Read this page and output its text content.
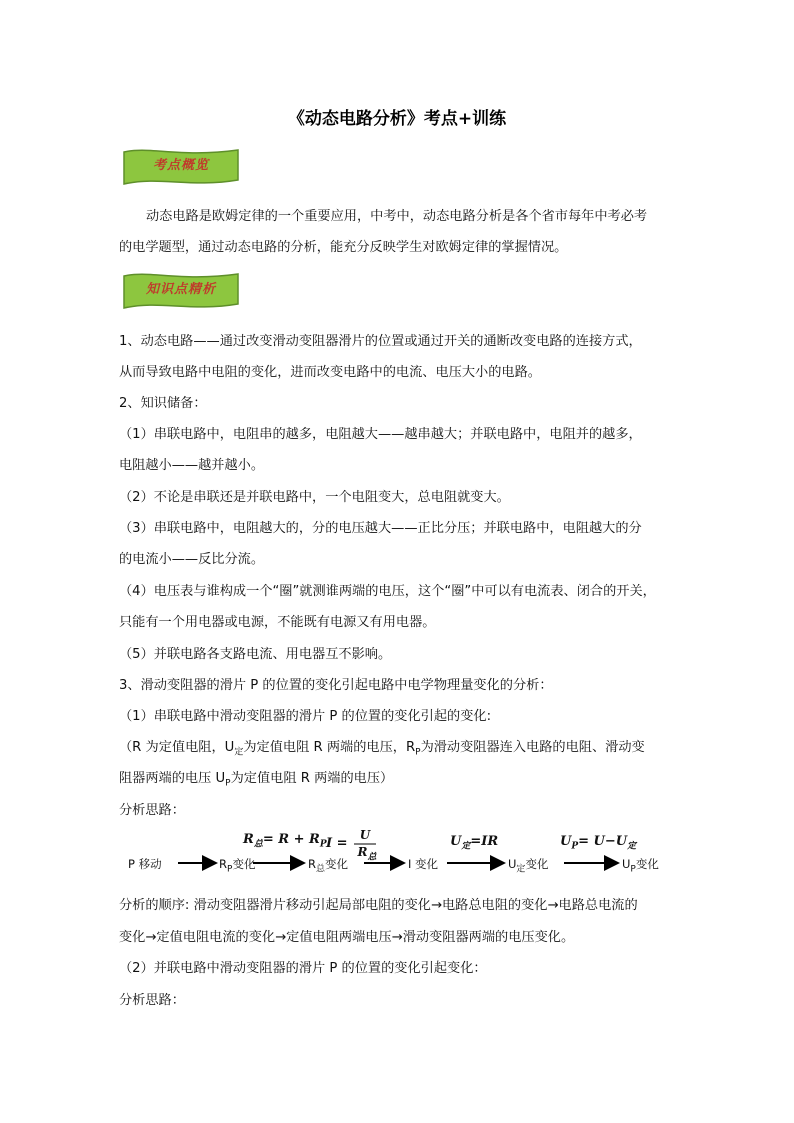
《动态电路分析》考点+训练
考点概览
动态电路是欧姆定律的一个重要应用，中考中，动态电路分析是各个省市每年中考必考
的电学题型，通过动态电路的分析，能充分反映学生对欧姆定律的掌握情况。
知识点精析
1、动态电路——通过改变滑动变阻器滑片的位置或通过开关的通断改变电路的连接方式，
从而导致电路中电阻的变化，进而改变电路中的电流、电压大小的电路。
2、知识储备：
（1）串联电路中，电阻串的越多，电阻越大——越串越大；并联电路中，电阻并的越多，
电阻越小——越并越小。
（2）不论是串联还是并联电路中，一个电阻变大，总电阻就变大。
（3）串联电路中，电阻越大的，分的电压越大——正比分压；并联电路中，电阻越大的分
的电流小——反比分流。
（4）电压表与谁构成一个“圈”就测谁两端的电压，这个“圈”中可以有电流表、闭合的开关，
只能有一个用电器或电源，不能既有电源又有用电器。
（5）并联电路各支路电流、用电器互不影响。
3、滑动变阻器的滑片 P 的位置的变化引起电路中电学物理量变化的分析：
（1）串联电路中滑动变阻器的滑片 P 的位置的变化引起的变化:
（R 为定值电阻，$U_定$为定值电阻 R 两端的电压，$R_P$为滑动变阻器连入电路的电阻、滑动变
阻器两端的电压 $U_P$为定值电阻 R 两端的电压）
分析思路：
P 移动	$R_P$变化	$R_总$变化	I 变化	$U_定$变化	$U_P$变化
$R_总= R + R_P$ I =
U
$R_总$
$U_定=IR$	$U_P= U-U_定$
分析的顺序: 滑动变阻器滑片移动引起局部电阻的变化→电路总电阻的变化→电路总电流的
变化→定值电阻电流的变化→定值电阻两端电压→滑动变阻器两端的电压变化。
（2）并联电路中滑动变阻器的滑片 P 的位置的变化引起变化：
分析思路：
